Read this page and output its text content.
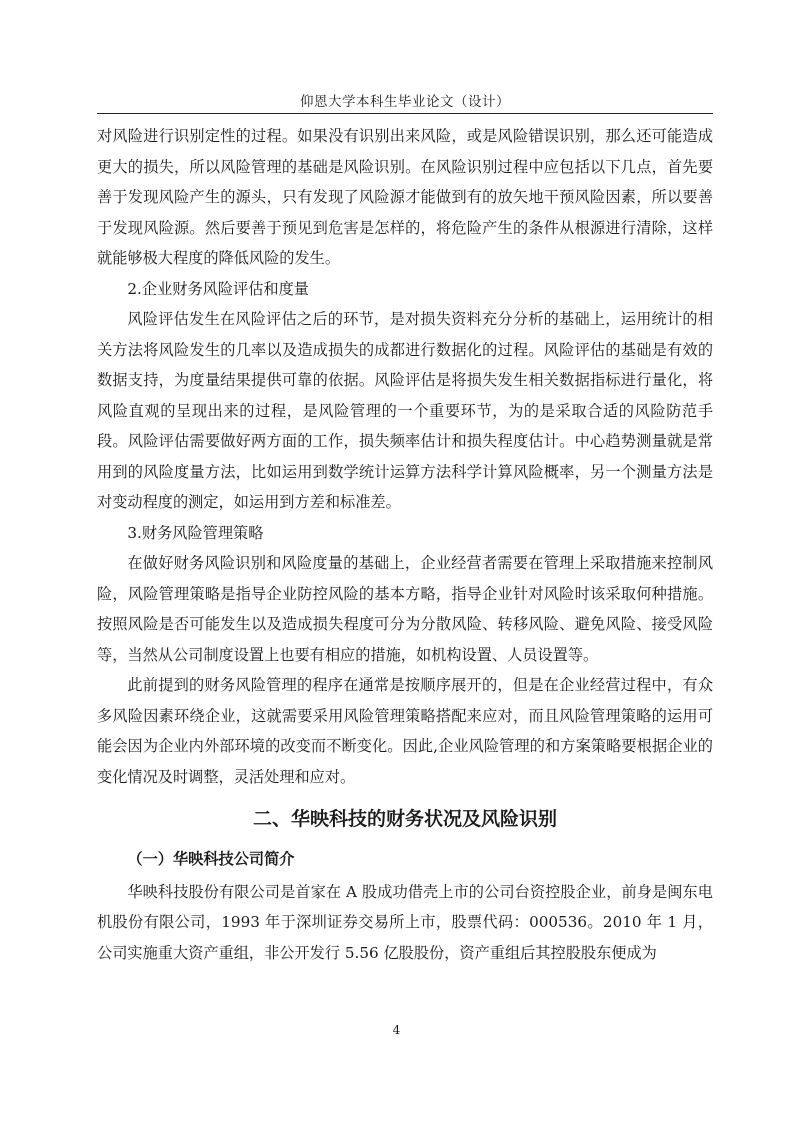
仰恩大学本科生毕业论文（设计）

对风险进行识别定性的过程。如果没有识别出来风险，或是风险错误识别，那么还可能造成更大的损失，所以风险管理的基础是风险识别。在风险识别过程中应包括以下几点，首先要善于发现风险产生的源头，只有发现了风险源才能做到有的放矢地干预风险因素，所以要善于发现风险源。然后要善于预见到危害是怎样的，将危险产生的条件从根源进行清除，这样就能够极大程度的降低风险的发生。

2.企业财务风险评估和度量

风险评估发生在风险评估之后的环节，是对损失资料充分分析的基础上，运用统计的相关方法将风险发生的几率以及造成损失的成都进行数据化的过程。风险评估的基础是有效的数据支持，为度量结果提供可靠的依据。风险评估是将损失发生相关数据指标进行量化，将风险直观的呈现出来的过程，是风险管理的一个重要环节，为的是采取合适的风险防范手段。风险评估需要做好两方面的工作，损失频率估计和损失程度估计。中心趋势测量就是常用到的风险度量方法，比如运用到数学统计运算方法科学计算风险概率，另一个测量方法是对变动程度的测定，如运用到方差和标准差。

3.财务风险管理策略

在做好财务风险识别和风险度量的基础上，企业经营者需要在管理上采取措施来控制风险，风险管理策略是指导企业防控风险的基本方略，指导企业针对风险时该采取何种措施。按照风险是否可能发生以及造成损失程度可分为分散风险、转移风险、避免风险、接受风险等，当然从公司制度设置上也要有相应的措施，如机构设置、人员设置等。

此前提到的财务风险管理的程序在通常是按顺序展开的，但是在企业经营过程中，有众多风险因素环绕企业，这就需要采用风险管理策略搭配来应对，而且风险管理策略的运用可能会因为企业内外部环境的改变而不断变化。因此,企业风险管理的和方案策略要根据企业的变化情况及时调整，灵活处理和应对。

二、华映科技的财务状况及风险识别
（一）华映科技公司简介

华映科技股份有限公司是首家在 A 股成功借壳上市的公司台资控股企业，前身是闽东电机股份有限公司，1993 年于深圳证券交易所上市，股票代码：000536。2010 年 1 月，公司实施重大资产重组，非公开发行 5.56 亿股股份，资产重组后其控股股东便成为

4
